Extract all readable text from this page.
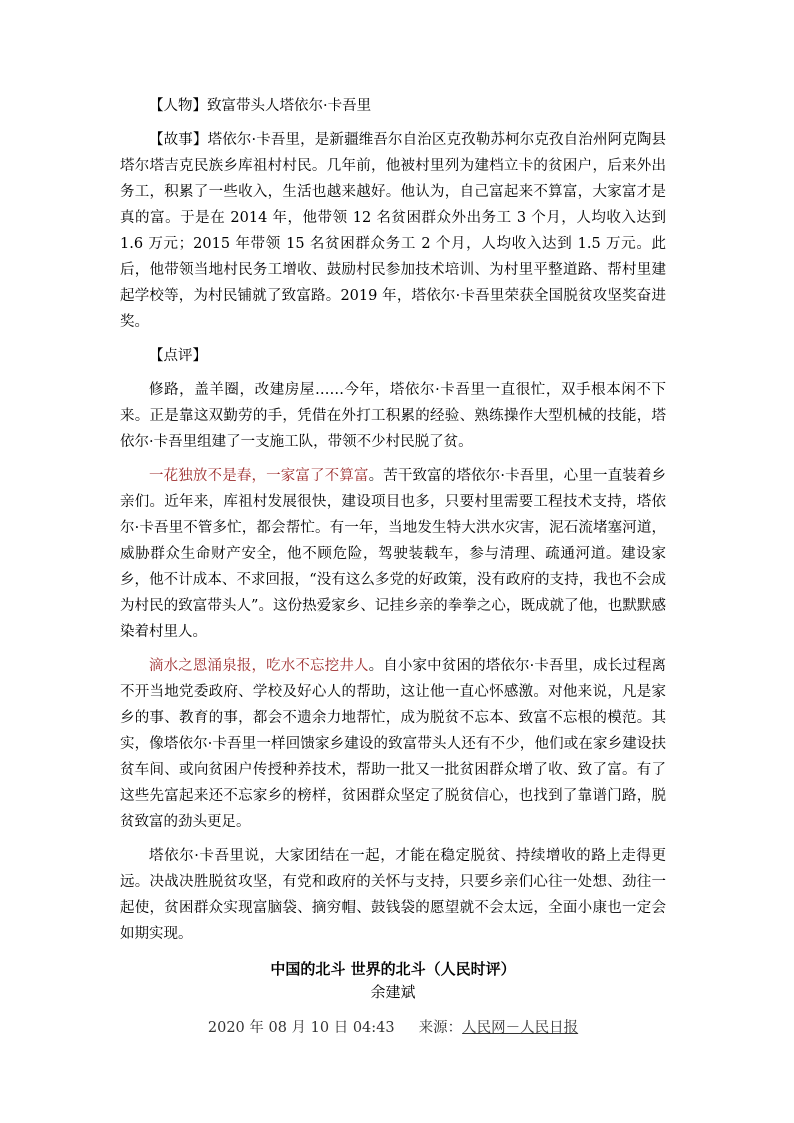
【人物】致富带头人塔依尔·卡吾里

【故事】塔依尔·卡吾里，是新疆维吾尔自治区克孜勒苏柯尔克孜自治州阿克陶县塔尔塔吉克民族乡库祖村村民。几年前，他被村里列为建档立卡的贫困户，后来外出务工，积累了一些收入，生活也越来越好。他认为，自己富起来不算富，大家富才是真的富。于是在 2014 年，他带领 12 名贫困群众外出务工 3 个月，人均收入达到 1.6 万元；2015 年带领 15 名贫困群众务工 2 个月，人均收入达到 1.5 万元。此后，他带领当地村民务工增收、鼓励村民参加技术培训、为村里平整道路、帮村里建起学校等，为村民铺就了致富路。2019 年，塔依尔·卡吾里荣获全国脱贫攻坚奖奋进奖。

【点评】

修路，盖羊圈，改建房屋……今年，塔依尔·卡吾里一直很忙，双手根本闲不下来。正是靠这双勤劳的手，凭借在外打工积累的经验、熟练操作大型机械的技能，塔依尔·卡吾里组建了一支施工队，带领不少村民脱了贫。

一花独放不是春，一家富了不算富。苦干致富的塔依尔·卡吾里，心里一直装着乡亲们。近年来，库祖村发展很快，建设项目也多，只要村里需要工程技术支持，塔依尔·卡吾里不管多忙，都会帮忙。有一年，当地发生特大洪水灾害，泥石流堵塞河道，威胁群众生命财产安全，他不顾危险，驾驶装载车，参与清理、疏通河道。建设家乡，他不计成本、不求回报，“没有这么多党的好政策，没有政府的支持，我也不会成为村民的致富带头人”。这份热爱家乡、记挂乡亲的拳拳之心，既成就了他，也默默感染着村里人。

滴水之恩涌泉报，吃水不忘挖井人。自小家中贫困的塔依尔·卡吾里，成长过程离不开当地党委政府、学校及好心人的帮助，这让他一直心怀感激。对他来说，凡是家乡的事、教育的事，都会不遗余力地帮忙，成为脱贫不忘本、致富不忘根的模范。其实，像塔依尔·卡吾里一样回馈家乡建设的致富带头人还有不少，他们或在家乡建设扶贫车间、或向贫困户传授种养技术，帮助一批又一批贫困群众增了收、致了富。有了这些先富起来还不忘家乡的榜样，贫困群众坚定了脱贫信心，也找到了靠谱门路，脱贫致富的劲头更足。

塔依尔·卡吾里说，大家团结在一起，才能在稳定脱贫、持续增收的路上走得更远。决战决胜脱贫攻坚，有党和政府的关怀与支持，只要乡亲们心往一处想、劲往一起使，贫困群众实现富脑袋、摘穷帽、鼓钱袋的愿望就不会太远，全面小康也一定会如期实现。

中国的北斗 世界的北斗（人民时评）

余建斌

2020 年 08 月 10 日 04:43 来源：人民网－人民日报
